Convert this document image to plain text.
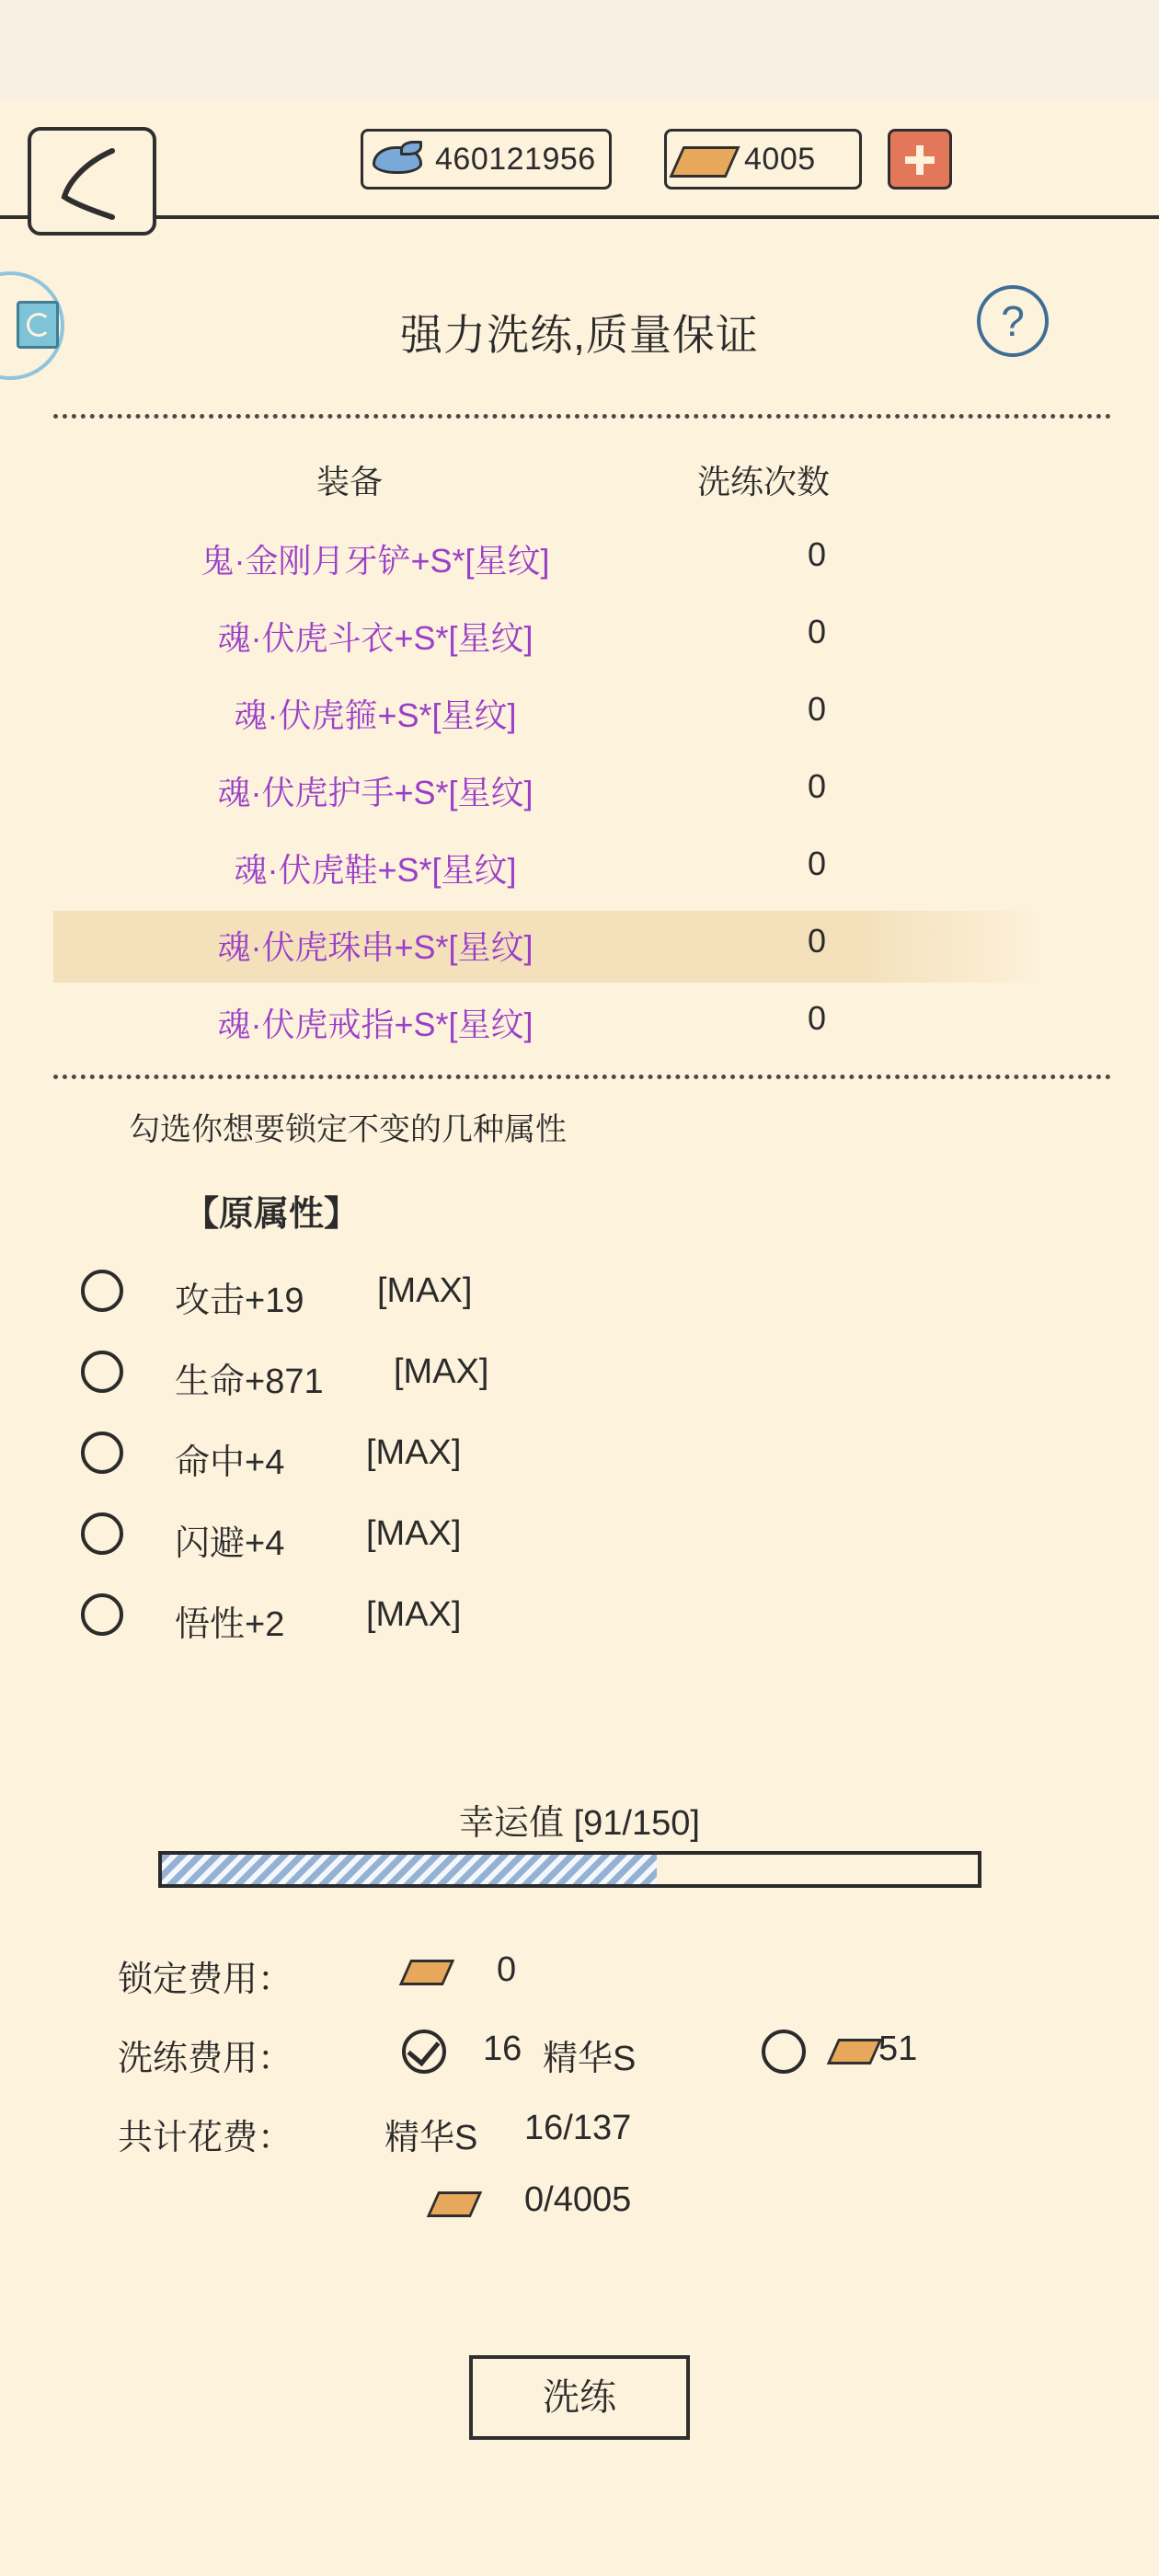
460121956	4005
强力洗练,质量保证	?
装备	洗练次数
鬼·金刚月牙铲+S*[星纹]	0
魂·伏虎斗衣+S*[星纹]	0
魂·伏虎箍+S*[星纹]	0
魂·伏虎护手+S*[星纹]	0
魂·伏虎鞋+S*[星纹]	0
魂·伏虎珠串+S*[星纹]	0
魂·伏虎戒指+S*[星纹]	0
勾选你想要锁定不变的几种属性
【原属性】
攻击+19 [MAX]
生命+871 [MAX]
命中+4 [MAX]
闪避+4 [MAX]
悟性+2 [MAX]
幸运值 [91/150]
锁定费用：	0
洗练费用：	16 精华S	51
共计花费：	精华S 16/137
0/4005
洗练
